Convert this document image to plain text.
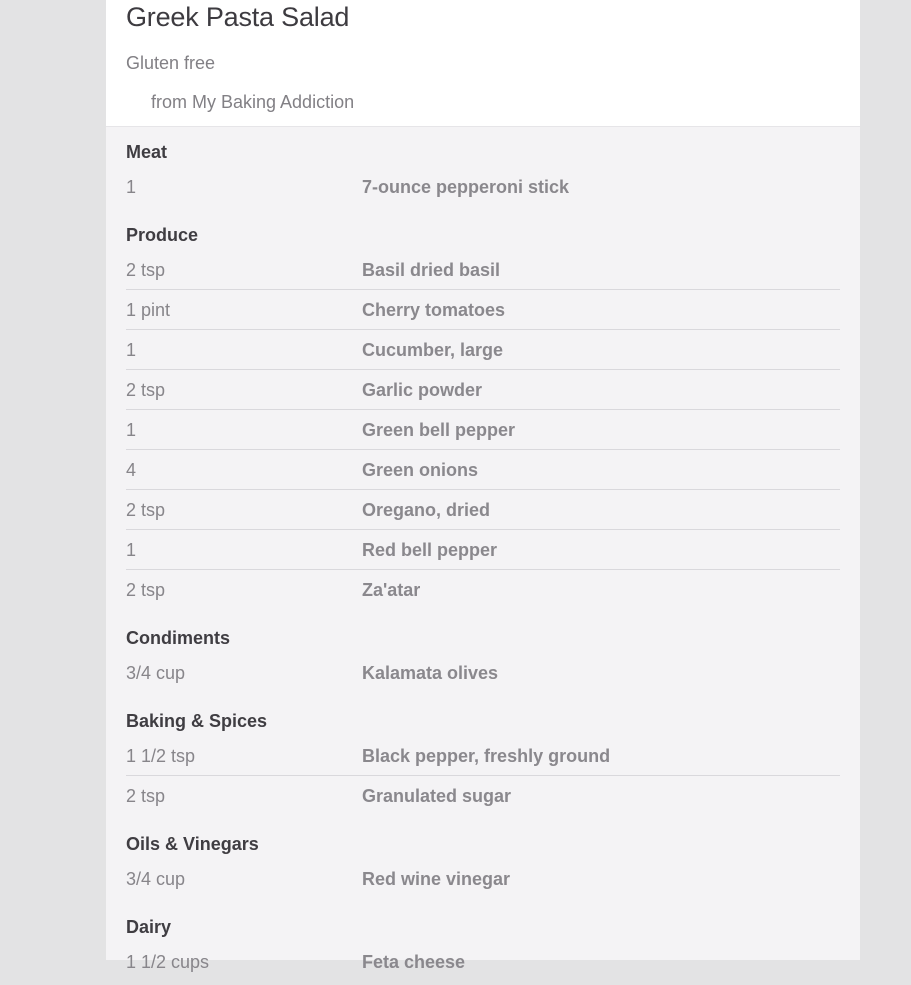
Greek Pasta Salad
Gluten free
from My Baking Addiction
Meat
1	7-ounce pepperoni stick
Produce
2 tsp	Basil dried basil
1 pint	Cherry tomatoes
1	Cucumber, large
2 tsp	Garlic powder
1	Green bell pepper
4	Green onions
2 tsp	Oregano, dried
1	Red bell pepper
2 tsp	Za'atar
Condiments
3/4 cup	Kalamata olives
Baking & Spices
1 1/2 tsp	Black pepper, freshly ground
2 tsp	Granulated sugar
Oils & Vinegars
3/4 cup	Red wine vinegar
Dairy
1 1/2 cups	Feta cheese
